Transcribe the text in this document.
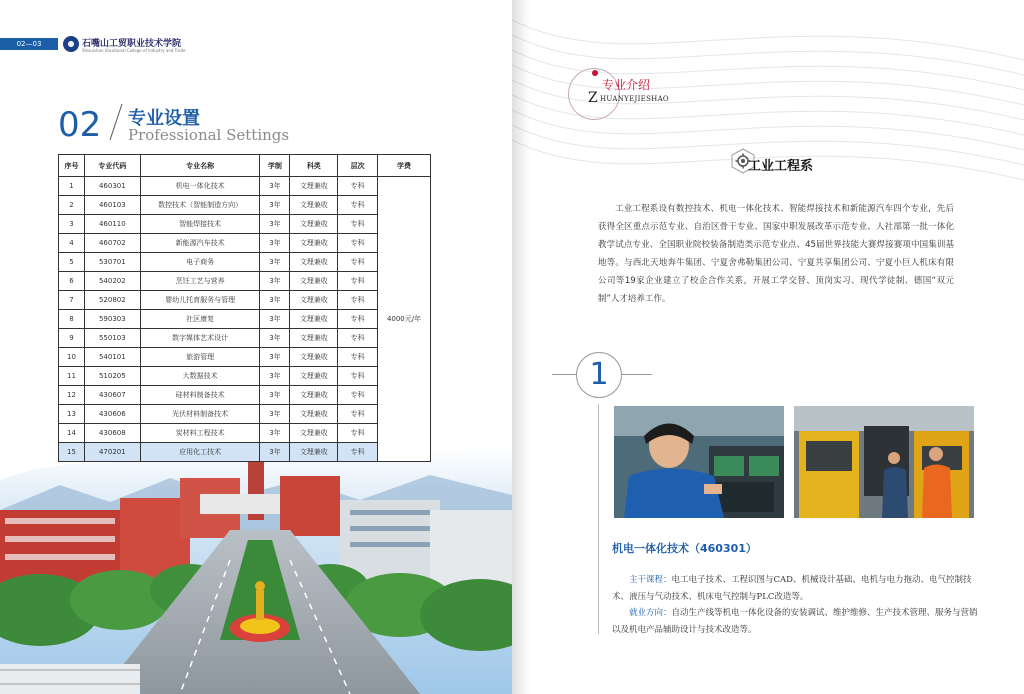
02—03	石嘴山工贸职业技术学院
Shizuishan Vocational College of Industry and Trade
02 专业设置
Professional Settings
序号	专业代码	专业名称	学制	科类	层次	学费
1	460301	机电一体化技术	3年	文理兼收	专科	4000元/年
2	460103	数控技术（智能制造方向）	3年	文理兼收	专科	
3	460110	智能焊接技术	3年	文理兼收	专科	
4	460702	新能源汽车技术	3年	文理兼收	专科	
5	530701	电子商务	3年	文理兼收	专科	
6	540202	烹饪工艺与营养	3年	文理兼收	专科	
7	520802	婴幼儿托育服务与管理	3年	文理兼收	专科	
8	590303	社区康复	3年	文理兼收	专科	
9	550103	数字媒体艺术设计	3年	文理兼收	专科	
10	540101	旅游管理	3年	文理兼收	专科	
11	510205	大数据技术	3年	文理兼收	专科	
12	430607	硅材料制备技术	3年	文理兼收	专科	
13	430606	光伏材料制备技术	3年	文理兼收	专科	
14	430608	炭材料工程技术	3年	文理兼收	专科	
15	470201	应用化工技术	3年	文理兼收	专科	
专业介绍
Z HUANYEJIESHAO
工业工程系

工业工程系设有数控技术、机电一体化技术、智能焊接技术和新能源汽车四个专业，先后获得全区重点示范专业、自治区骨干专业、国家中职发展改革示范专业、人社部第一批一体化教学试点专业、全国职业院校装备制造类示范专业点、45届世界技能大赛焊接赛项中国集训基地等。与西北天地奔牛集团、宁夏舍弗勒集团公司、宁夏共享集团公司、宁夏小巨人机床有限公司等19家企业建立了校企合作关系，开展工学交替、顶岗实习、现代学徒制、德国“双元制”人才培养工作。

1
机电一体化技术（460301）

主干课程：电工电子技术、工程识图与CAD、机械设计基础、电机与电力拖动、电气控制技术、液压与气动技术、机床电气控制与PLC改造等。

就业方向：自动生产线等机电一体化设备的安装调试、维护维修、生产技术管理、服务与营销以及机电产品辅助设计与技术改造等。
